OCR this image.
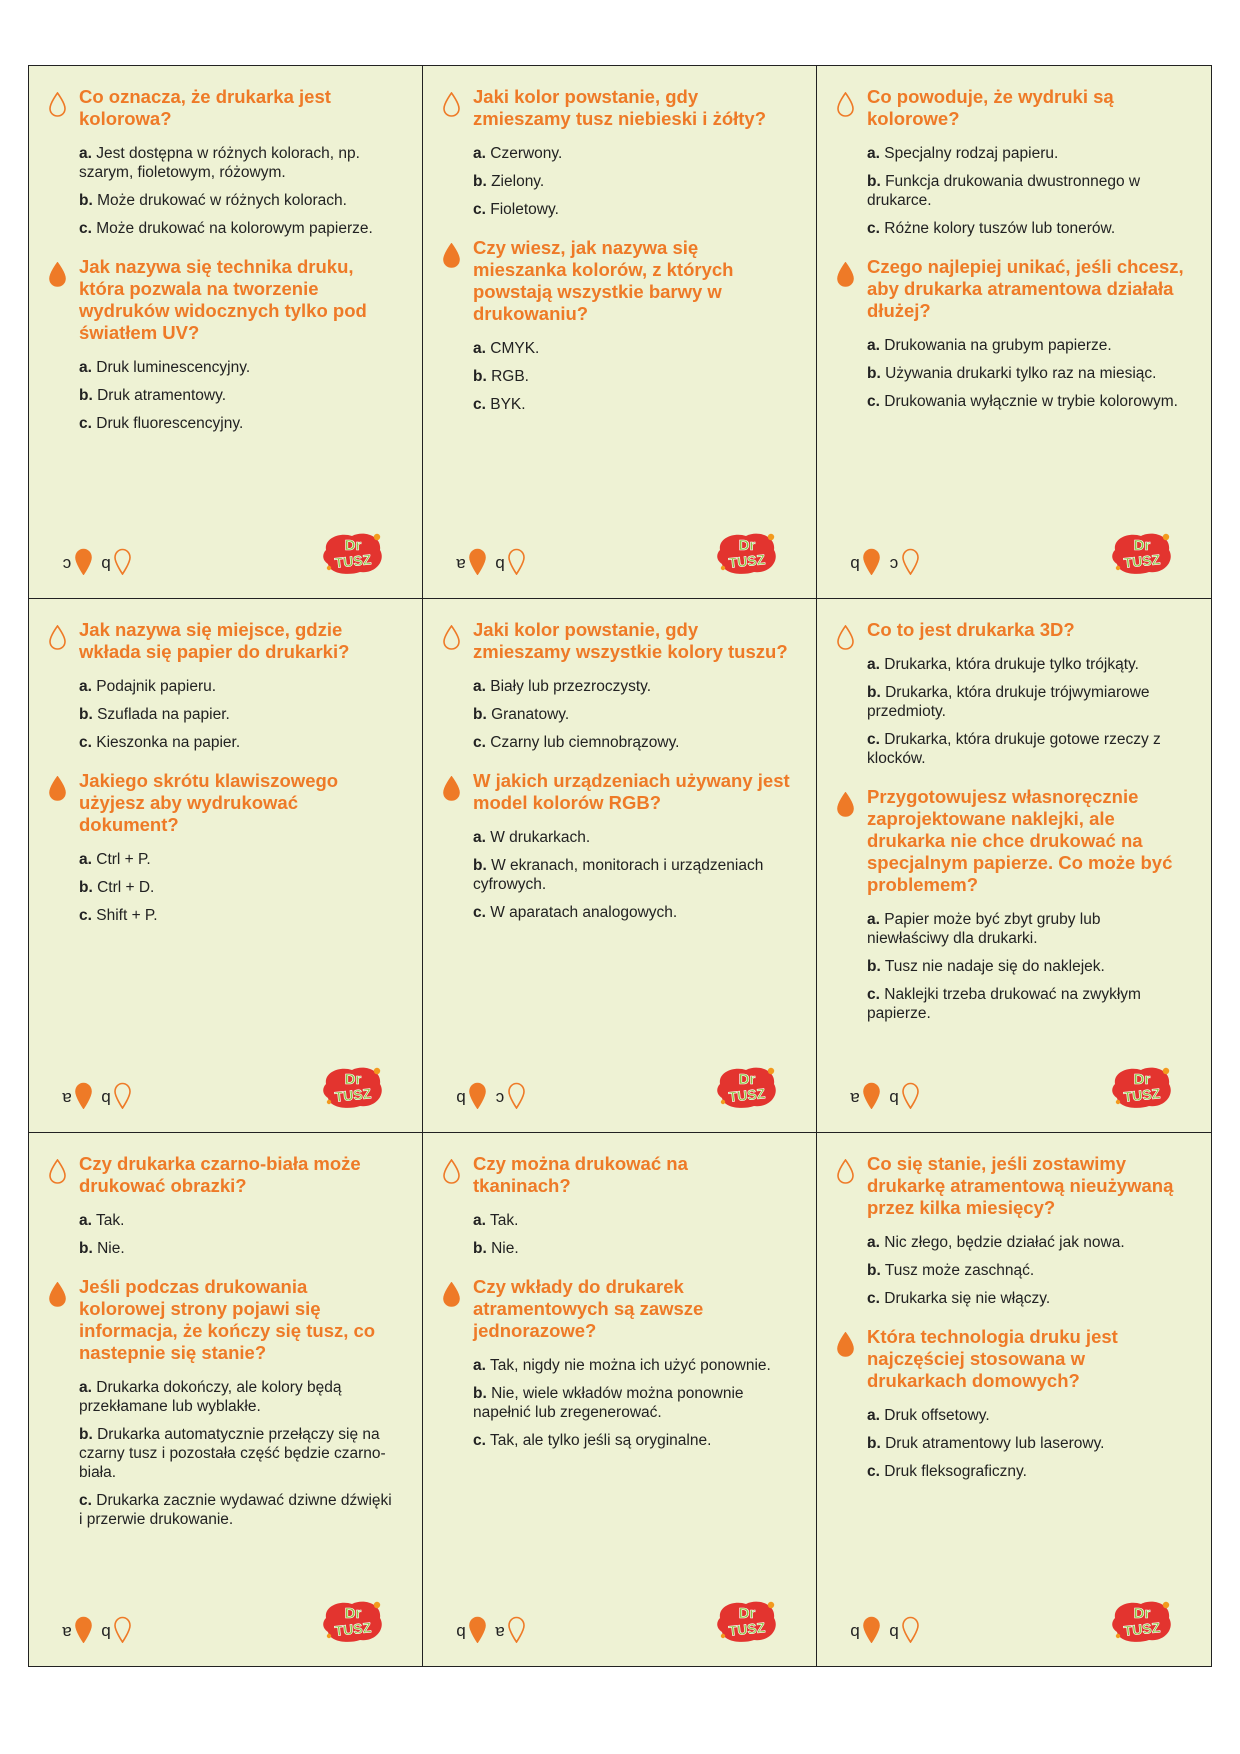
Co oznacza, że drukarka jest kolorowa?

a. Jest dostępna w różnych kolorach, np. szarym, fioletowym, różowym.
b. Może drukować w różnych kolorach.
c. Może drukować na kolorowym papierze.

Jak nazywa się technika druku, która pozwala na tworzenie wydruków widocznych tylko pod światłem UV?

a. Druk luminescencyjny.
b. Druk atramentowy.
c. Druk fluorescencyjny.
c b
Dr
TUSZ

Jaki kolor powstanie, gdy zmieszamy tusz niebieski i żółty?

a. Czerwony.
b. Zielony.
c. Fioletowy.

Czy wiesz, jak nazywa się mieszanka kolorów, z których powstają wszystkie barwy w drukowaniu?

a. CMYK.
b. RGB.
c. BYK.
a b
Dr
TUSZ

Co powoduje, że wydruki są kolorowe?

a. Specjalny rodzaj papieru.
b. Funkcja drukowania dwustronnego w drukarce.
c. Różne kolory tuszów lub tonerów.

Czego najlepiej unikać, jeśli chcesz, aby drukarka atramentowa działała dłużej?

a. Drukowania na grubym papierze.
b. Używania drukarki tylko raz na miesiąc.
c. Drukowania wyłącznie w trybie kolorowym.
b c
Dr
TUSZ

Jak nazywa się miejsce, gdzie wkłada się papier do drukarki?

a. Podajnik papieru.
b. Szuflada na papier.
c. Kieszonka na papier.

Jakiego skrótu klawiszowego użyjesz aby wydrukować dokument?

a. Ctrl + P.
b. Ctrl + D.
c. Shift + P.
a b
Dr
TUSZ

Jaki kolor powstanie, gdy zmieszamy wszystkie kolory tuszu?

a. Biały lub przezroczysty.
b. Granatowy.
c. Czarny lub ciemnobrązowy.

W jakich urządzeniach używany jest model kolorów RGB?

a. W drukarkach.
b. W ekranach, monitorach i urządzeniach cyfrowych.
c. W aparatach analogowych.
b c
Dr
TUSZ

Co to jest drukarka 3D?

a. Drukarka, która drukuje tylko trójkąty.
b. Drukarka, która drukuje trójwymiarowe przedmioty.
c. Drukarka, która drukuje gotowe rzeczy z klocków.

Przygotowujesz własnoręcznie zaprojektowane naklejki, ale drukarka nie chce drukować na specjalnym papierze. Co może być problemem?

a. Papier może być zbyt gruby lub niewłaściwy dla drukarki.
b. Tusz nie nadaje się do naklejek.
c. Naklejki trzeba drukować na zwykłym papierze.
a b
Dr
TUSZ

Czy drukarka czarno-biała może drukować obrazki?

a. Tak.
b. Nie.

Jeśli podczas drukowania kolorowej strony pojawi się informacja, że kończy się tusz, co nastepnie się stanie?

a. Drukarka dokończy, ale kolory będą przekłamane lub wyblakłe.
b. Drukarka automatycznie przełączy się na czarny tusz i pozostała część będzie czarno-biała.
c. Drukarka zacznie wydawać dziwne dźwięki i przerwie drukowanie.
a b
Dr
TUSZ

Czy można drukować na tkaninach?

a. Tak.
b. Nie.

Czy wkłady do drukarek atramentowych są zawsze jednorazowe?

a. Tak, nigdy nie można ich użyć ponownie.
b. Nie, wiele wkładów można ponownie napełnić lub zregenerować.
c. Tak, ale tylko jeśli są oryginalne.
b a
Dr
TUSZ

Co się stanie, jeśli zostawimy drukarkę atramentową nieużywaną przez kilka miesięcy?

a. Nic złego, będzie działać jak nowa.
b. Tusz może zaschnąć.
c. Drukarka się nie włączy.

Która technologia druku jest najczęściej stosowana w drukarkach domowych?

a. Druk offsetowy.
b. Druk atramentowy lub laserowy.
c. Druk fleksograficzny.
b b
Dr
TUSZ
